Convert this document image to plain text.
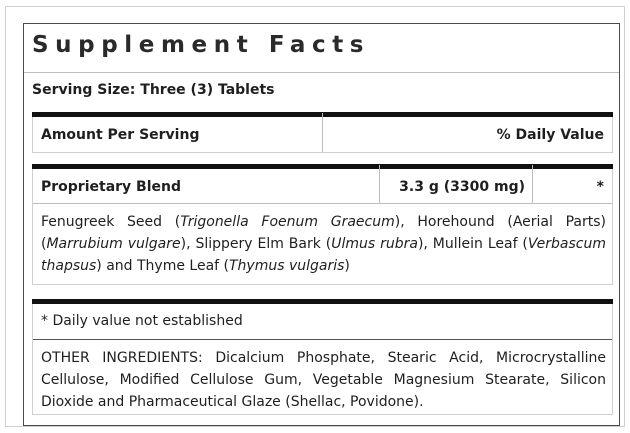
Supplement Facts
Serving Size: Three (3) Tablets
Amount Per Serving	% Daily Value
Proprietary Blend	3.3 g (3300 mg)	*
Fenugreek Seed (Trigonella Foenum Graecum), Horehound (Aerial Parts) (Marrubium vulgare), Slippery Elm Bark (Ulmus rubra), Mullein Leaf (Verbascum thapsus) and Thyme Leaf (Thymus vulgaris)
* Daily value not established
OTHER INGREDIENTS: Dicalcium Phosphate, Stearic Acid, Microcrystalline Cellulose, Modified Cellulose Gum, Vegetable Magnesium Stearate, Silicon Dioxide and Pharmaceutical Glaze (Shellac, Povidone).
